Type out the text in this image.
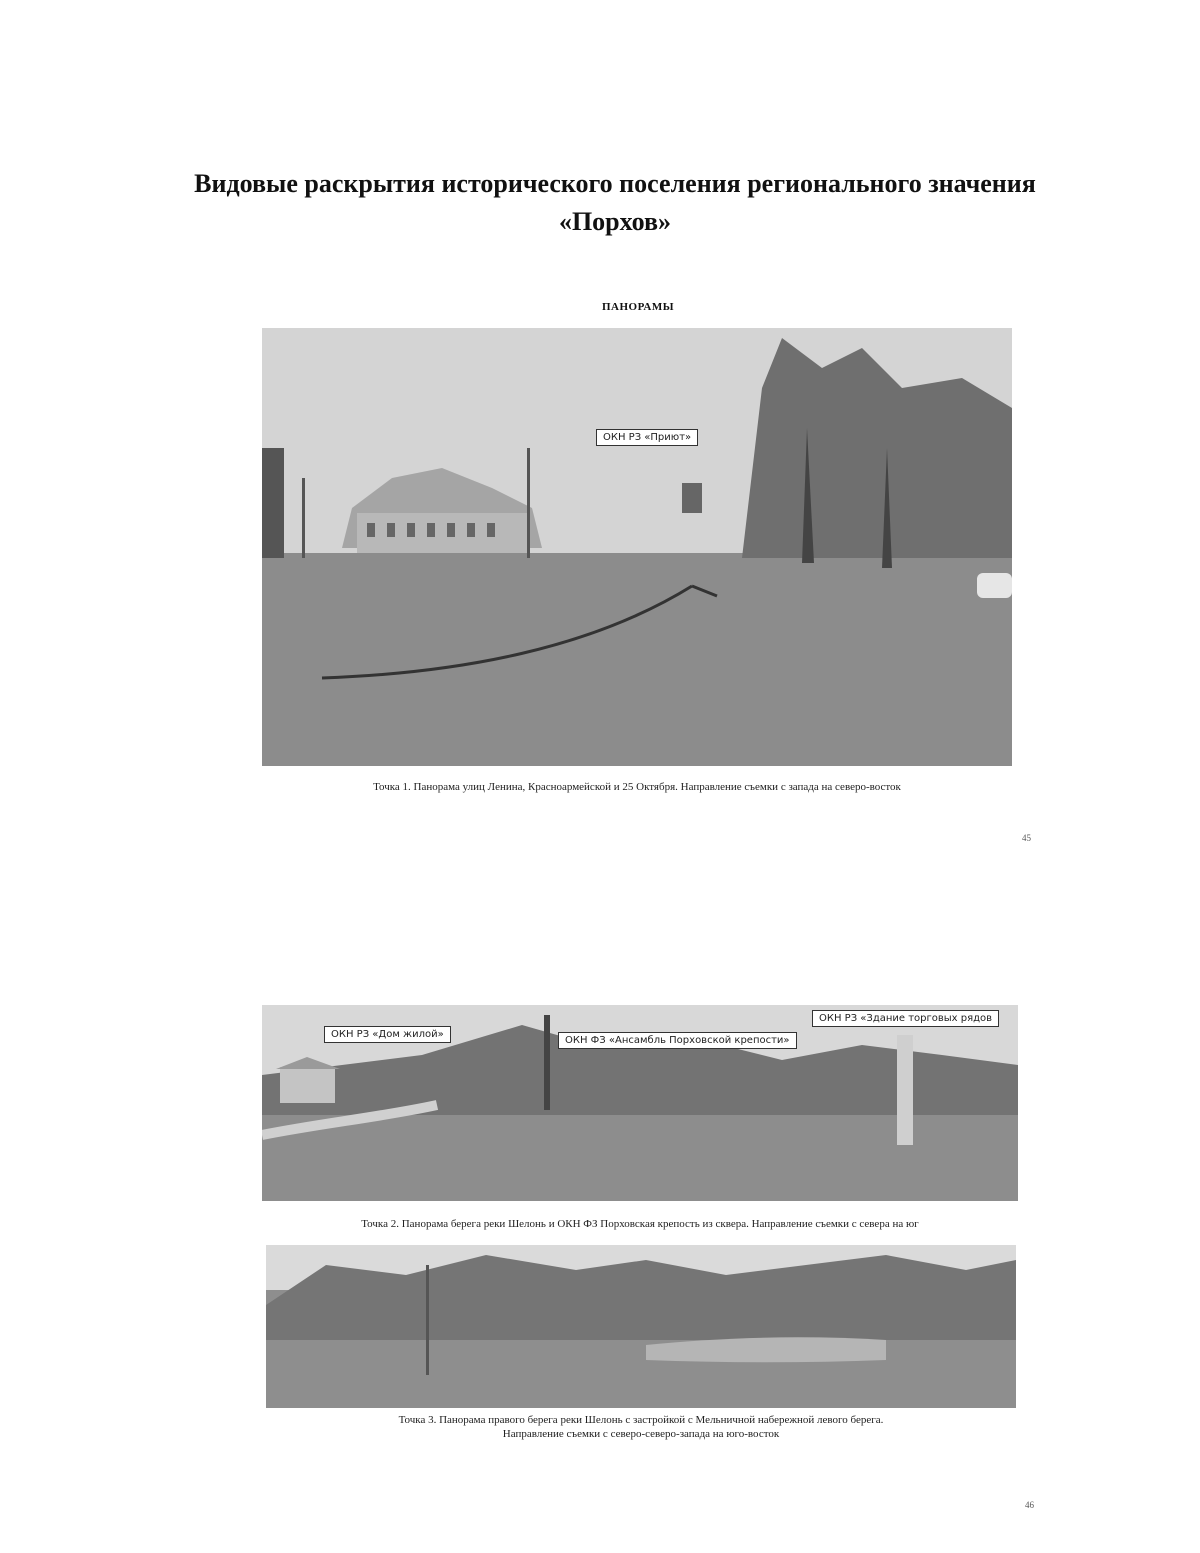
Видовые раскрытия исторического поселения регионального значения
«Порхов»
ПАНОРАМЫ
ОКН РЗ «Приют»
Точка 1. Панорама улиц Ленина, Красноармейской и 25 Октября. Направление съемки с запада на северо-восток
45
ОКН РЗ «Дом жилой»
ОКН ФЗ «Ансамбль Порховской крепости»
ОКН РЗ «Здание торговых рядов
Точка 2. Панорама берега реки Шелонь и ОКН ФЗ Порховская крепость из сквера. Направление съемки с севера на юг
Точка 3. Панорама правого берега реки Шелонь с застройкой с Мельничной набережной левого берега.
Направление съемки с северо-северо-запада на юго-восток
46
